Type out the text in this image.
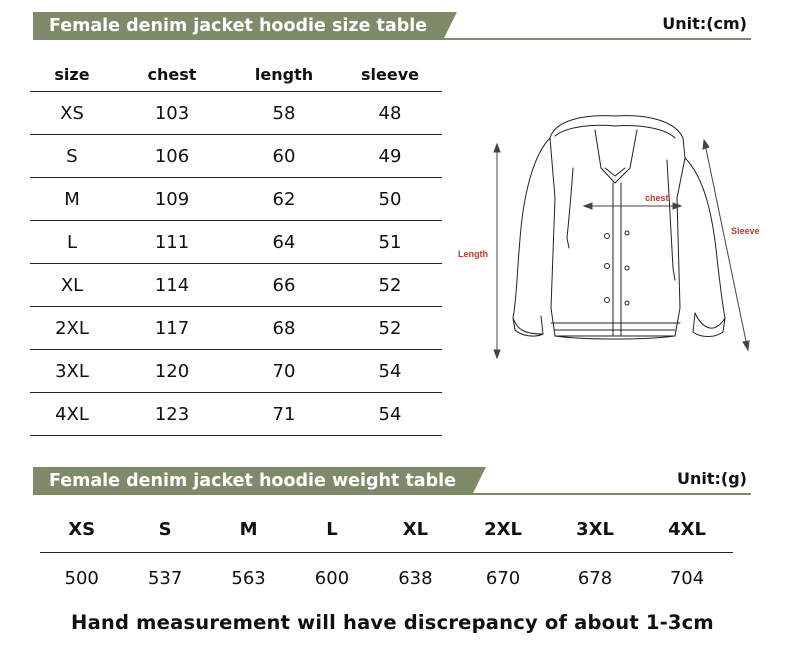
Female denim jacket hoodie size table	Unit:(cm)
size	chest	length	sleeve
XS	103	58	48
S	106	60	49
M	109	62	50
L	111	64	51
XL	114	66	52
2XL	117	68	52
3XL	120	70	54
4XL	123	71	54
Length
chest
Sleeve
Female denim jacket hoodie weight table	Unit:(g)
XS	S	M	L	XL	2XL	3XL	4XL
500	537	563	600	638	670	678	704
Hand measurement will have discrepancy of about 1-3cm
